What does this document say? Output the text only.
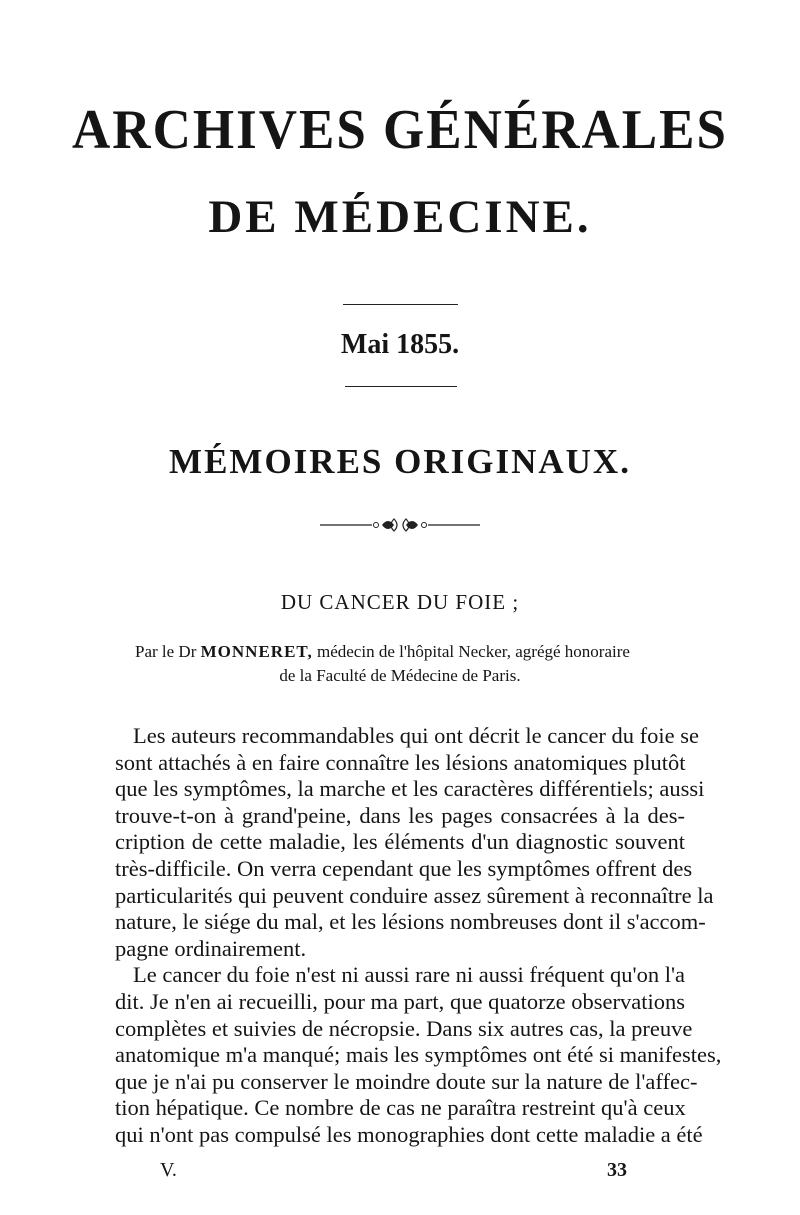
ARCHIVES GÉNÉRALES
DE MÉDECINE.
Mai 1855.
MÉMOIRES ORIGINAUX.
DU CANCER DU FOIE ;
Par le Dr MONNERET, médecin de l'hôpital Necker, agrégé honoraire
de la Faculté de Médecine de Paris.
Les auteurs recommandables qui ont décrit le cancer du foie se
sont attachés à en faire connaître les lésions anatomiques plutôt
que les symptômes, la marche et les caractères différentiels; aussi
trouve-t-on à grand'peine, dans les pages consacrées à la des-
cription de cette maladie, les éléments d'un diagnostic souvent
très-difficile. On verra cependant que les symptômes offrent des
particularités qui peuvent conduire assez sûrement à reconnaître la
nature, le siége du mal, et les lésions nombreuses dont il s'accom-
pagne ordinairement.
Le cancer du foie n'est ni aussi rare ni aussi fréquent qu'on l'a
dit. Je n'en ai recueilli, pour ma part, que quatorze observations
complètes et suivies de nécropsie. Dans six autres cas, la preuve
anatomique m'a manqué; mais les symptômes ont été si manifestes,
que je n'ai pu conserver le moindre doute sur la nature de l'affec-
tion hépatique. Ce nombre de cas ne paraîtra restreint qu'à ceux
qui n'ont pas compulsé les monographies dont cette maladie a été
V.	33
